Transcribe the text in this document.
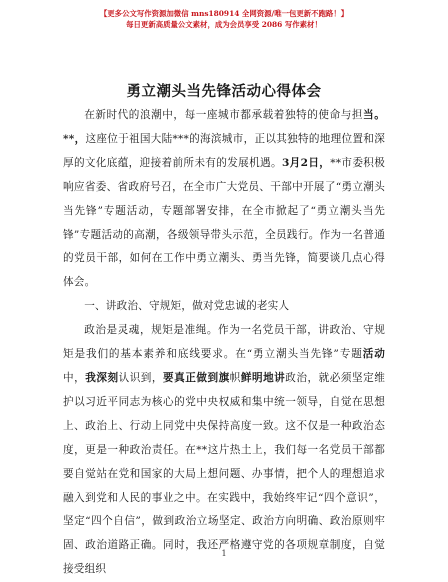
【更多公文写作资源加微信 mns180914 全网资源/唯一包更新不跑路！】
每日更新高质量公文素材，成为会员享受 2086 写作素材！
勇立潮头当先锋活动心得体会

在新时代的浪潮中，每一座城市都承载着独特的使命与担当。**，这座位于祖国大陆***的海滨城市，正以其独特的地理位置和深厚的文化底蕴，迎接着前所未有的发展机遇。3月2日，**市委积极响应省委、省政府号召，在全市广大党员、干部中开展了“勇立潮头当先锋”专题活动，专题部署安排，在全市掀起了“勇立潮头当先锋”专题活动的高潮，各级领导带头示范，全员践行。作为一名普通的党员干部，如何在工作中勇立潮头、勇当先锋，简要谈几点心得体会。

一、讲政治、守规矩，做对党忠诚的老实人

政治是灵魂，规矩是准绳。作为一名党员干部，讲政治、守规矩是我们的基本素养和底线要求。在“勇立潮头当先锋”专题活动中，我深刻认识到，要真正做到旗帜鲜明地讲政治，就必须坚定维护以习近平同志为核心的党中央权威和集中统一领导，自觉在思想上、政治上、行动上同党中央保持高度一致。这不仅是一种政治态度，更是一种政治责任。在**这片热土上，我们每一名党员干部都要自觉站在党和国家的大局上想问题、办事情，把个人的理想追求融入到党和人民的事业之中。在实践中，我始终牢记“四个意识”，坚定“四个自信”，做到政治立场坚定、政治方向明确、政治原则牢固、政治道路正确。同时，我还严格遵守党的各项规章制度，自觉接受组织

1
